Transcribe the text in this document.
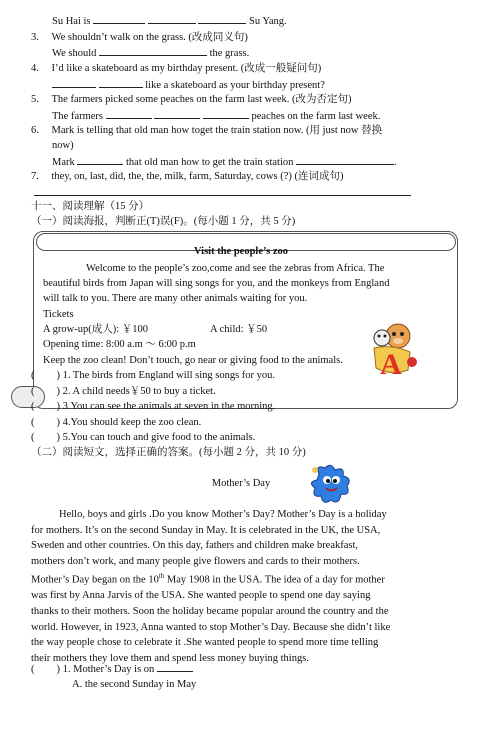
Su Hai is	Su Yang.
3. We shouldn’t walk on the grass. (改成同义句)
We should	the grass.
4. I’d like a skateboard as my birthday present. (改成一般疑问句)
like a skateboard as your birthday present?
5. The farmers picked some peaches on the farm last week. (改为否定句)
The farmers	peaches on the farm last week.
6. Mark is telling that old man how toget the train station now. (用 just now 替换
now)
Mark	that old man how to get the train station	.
7. they, on, last, did, the, the, milk, farm, Saturday, cows (?) (连词成句)
十一、阅读理解（15 分）
（一）阅读海报，判断正(T)误(F)。(每小题 1 分，共 5 分)
Visit the people’s zoo
Welcome to the people’s zoo,come and see the zebras from Africa. The
beautiful birds from Japan will sing songs for you, and the monkeys from England
will talk to you. There are many other animals waiting for you.
Tickets
A grow-up(成人): ￥100	A child: ￥50
Opening time: 8:00 a.m ～ 6:00 p.m
Keep the zoo clean! Don’t touch, go near or giving food to the animals. A
( ) 1. The birds from England will sing songs for you.
( ) 2. A child needs￥50 to buy a ticket.
( ) 3.You can see the animals at seven in the morning.
( ) 4.You should keep the zoo clean.
( ) 5.You can touch and give food to the animals.
（二）阅读短文，选择正确的答案。(每小题 2 分，共 10 分)
Mother’s Day
Hello, boys and girls .Do you know Mother’s Day? Mother’s Day is a holiday
for mothers. It’s on the second Sunday in May. It is celebrated in the UK, the USA,
Sweden and other countries. On this day, fathers and children make breakfast,
mothers don’t work, and many people give flowers and cards to their mothers.
Mother’s Day began on the 10th May 1908 in the USA. The idea of a day for mother
was first by Anna Jarvis of the USA. She wanted people to spend one day saying
thanks to their mothers. Soon the holiday became popular around the country and the
world. However, in 1923, Anna wanted to stop Mother’s Day. Because she didn’t like
the way people chose to celebrate it .She wanted people to spend more time telling
their mothers they love them and spend less money buying things.
( ) 1. Mother’s Day is on
A. the second Sunday in May
